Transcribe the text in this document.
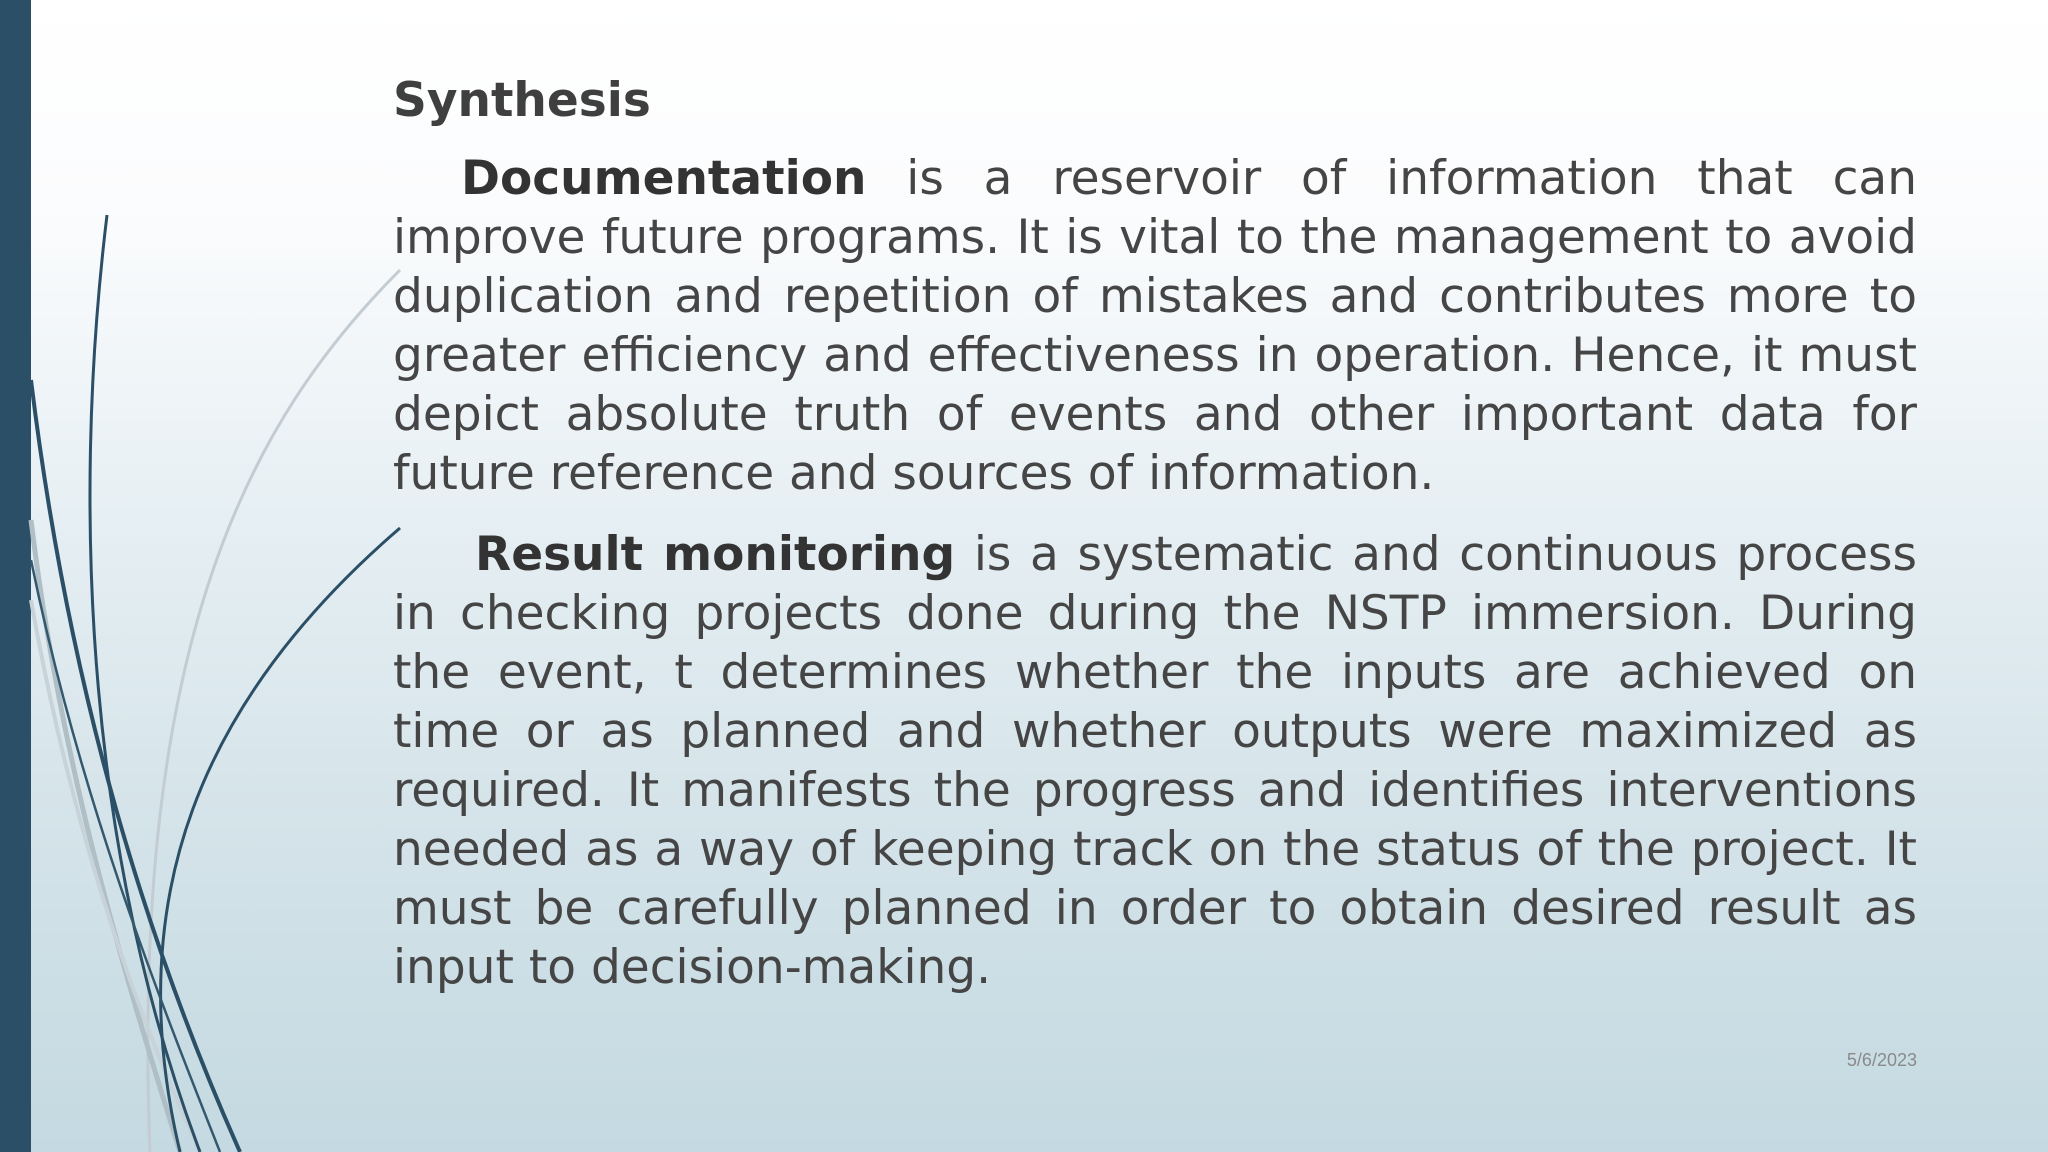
Synthesis

Documentation is a reservoir of information that can improve future programs. It is vital to the management to avoid duplication and repetition of mistakes and contributes more to greater efficiency and effectiveness in operation. Hence, it must depict absolute truth of events and other important data for future reference and sources of information.

Result monitoring is a systematic and continuous process in checking projects done during the NSTP immersion. During the event, t determines whether the inputs are achieved on time or as planned and whether outputs were maximized as required. It manifests the progress and identifies interventions needed as a way of keeping track on the status of the project. It must be carefully planned in order to obtain desired result as input to decision-making.

5/6/2023
